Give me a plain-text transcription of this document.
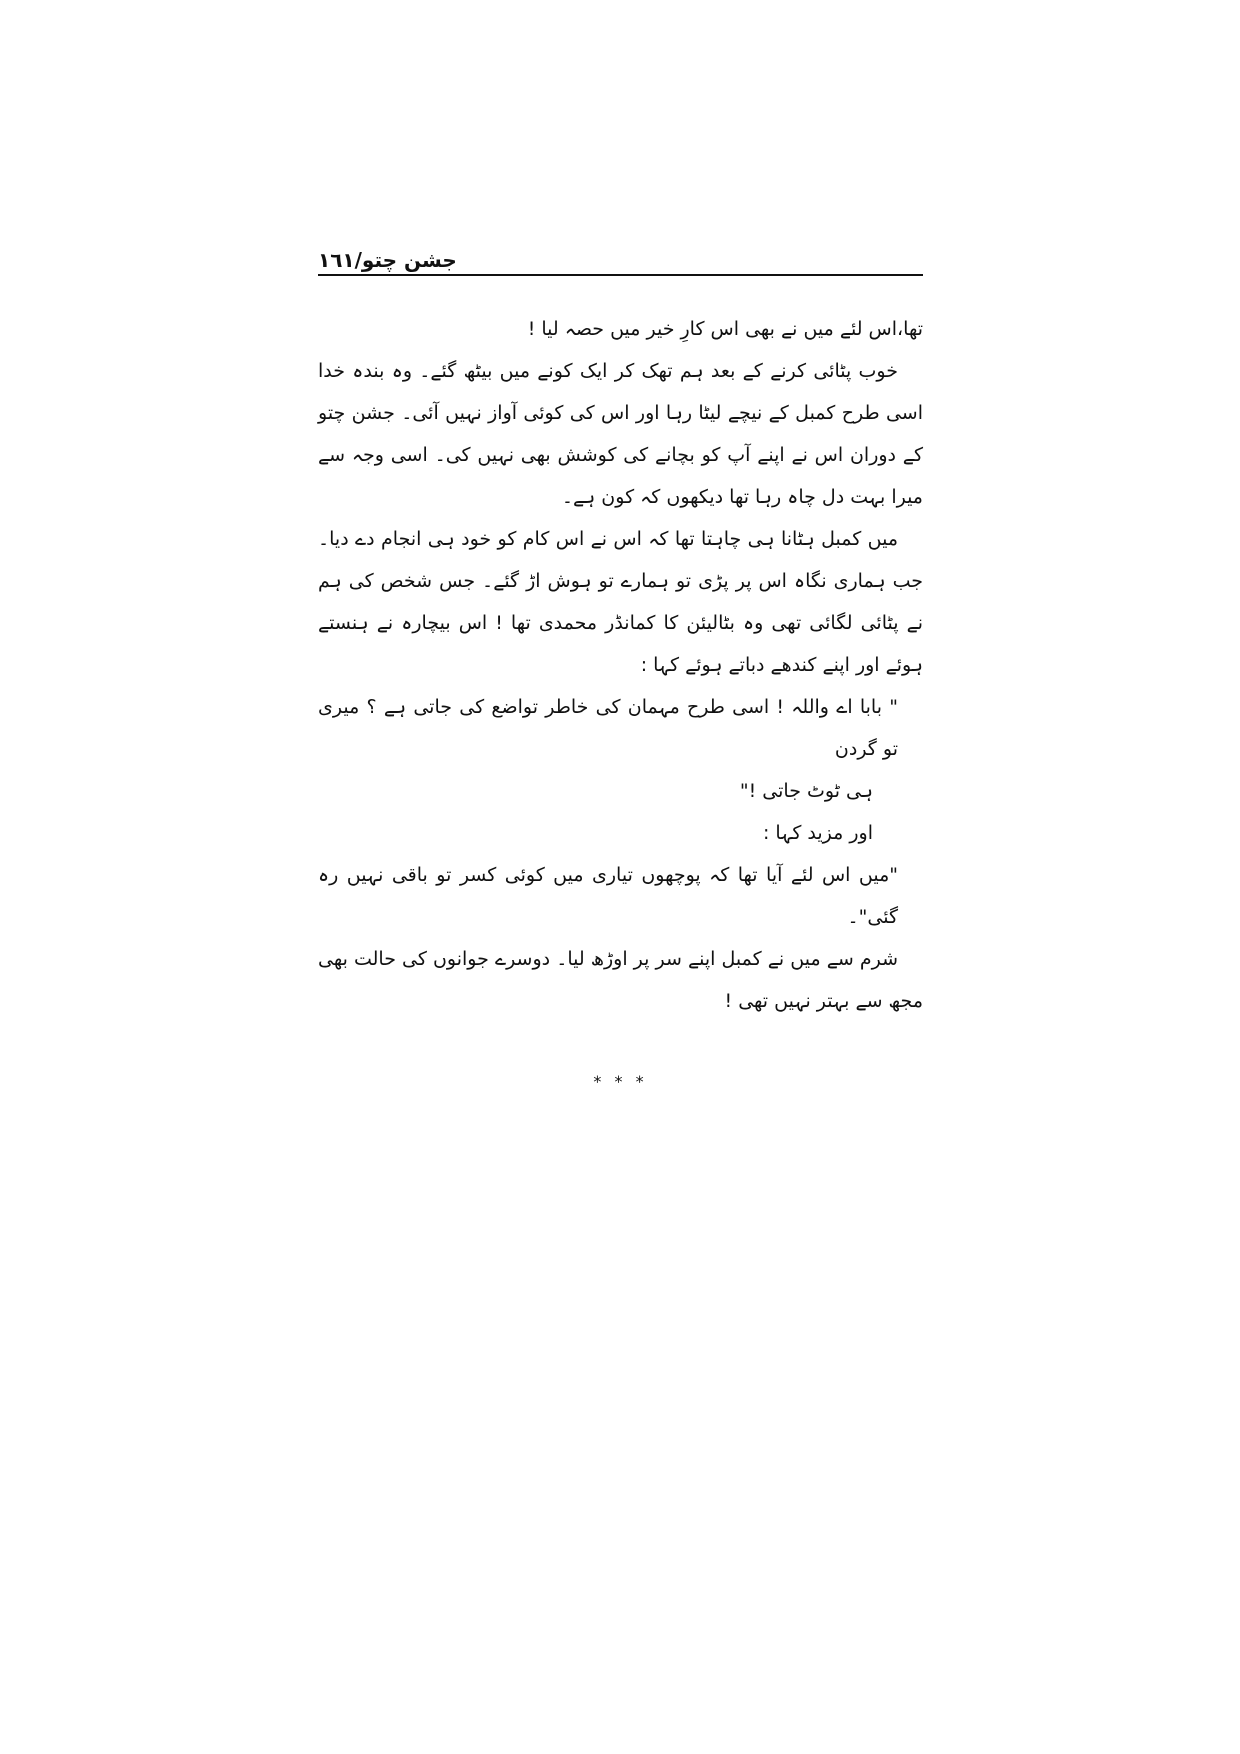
جشن چتو/١٦١

تھا،اس لئے میں نے بھی اس کارِ خیر میں حصہ لیا !

خوب پٹائی کرنے کے بعد ہم تھک کر ایک کونے میں بیٹھ گئے۔ وہ بندہ خدا اسی طرح کمبل کے نیچے لیٹا رہا اور اس کی کوئی آواز نہیں آئی۔ جشن چتو کے دوران اس نے اپنے آپ کو بچانے کی کوشش بھی نہیں کی۔ اسی وجہ سے میرا بہت دل چاہ رہا تھا دیکھوں کہ کون ہے۔

میں کمبل ہٹانا ہی چاہتا تھا کہ اس نے اس کام کو خود ہی انجام دے دیا۔ جب ہماری نگاہ اس پر پڑی تو ہمارے تو ہوش اڑ گئے۔ جس شخص کی ہم نے پٹائی لگائی تھی وہ بٹالیئن کا کمانڈر محمدی تھا ! اس بیچارہ نے ہنستے ہوئے اور اپنے کندھے دباتے ہوئے کہا :

" بابا اے واللہ ! اسی طرح مہمان کی خاطر تواضع کی جاتی ہے ؟ میری تو گردن

ہی ٹوٹ جاتی !"

اور مزید کہا :

"میں اس لئے آیا تھا کہ پوچھوں تیاری میں کوئی کسر تو باقی نہیں رہ گئی"۔

شرم سے میں نے کمبل اپنے سر پر اوڑھ لیا۔ دوسرے جوانوں کی حالت بھی مجھ سے بہتر نہیں تھی !

* * *
